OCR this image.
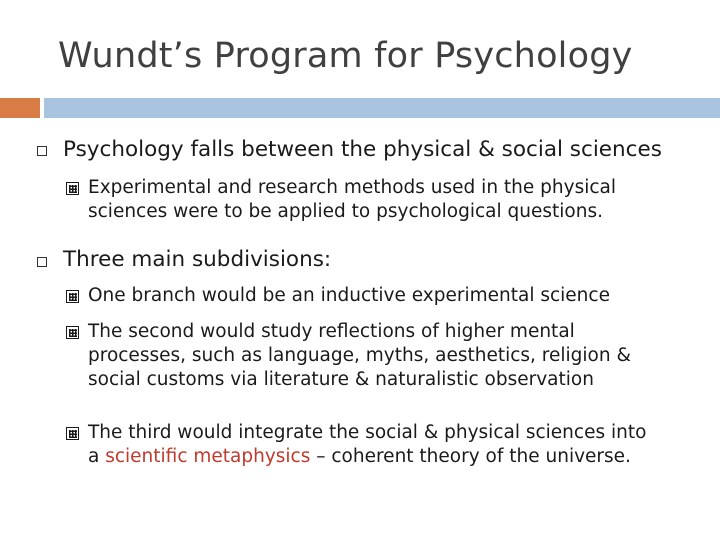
Wundt’s Program for Psychology
Psychology falls between the physical & social sciences
Experimental and research methods used in the physical
sciences were to be applied to psychological questions.
Three main subdivisions:
One branch would be an inductive experimental science
The second would study reflections of higher mental
processes, such as language, myths, aesthetics, religion &
social customs via literature & naturalistic observation
The third would integrate the social & physical sciences into
a scientific metaphysics – coherent theory of the universe.
